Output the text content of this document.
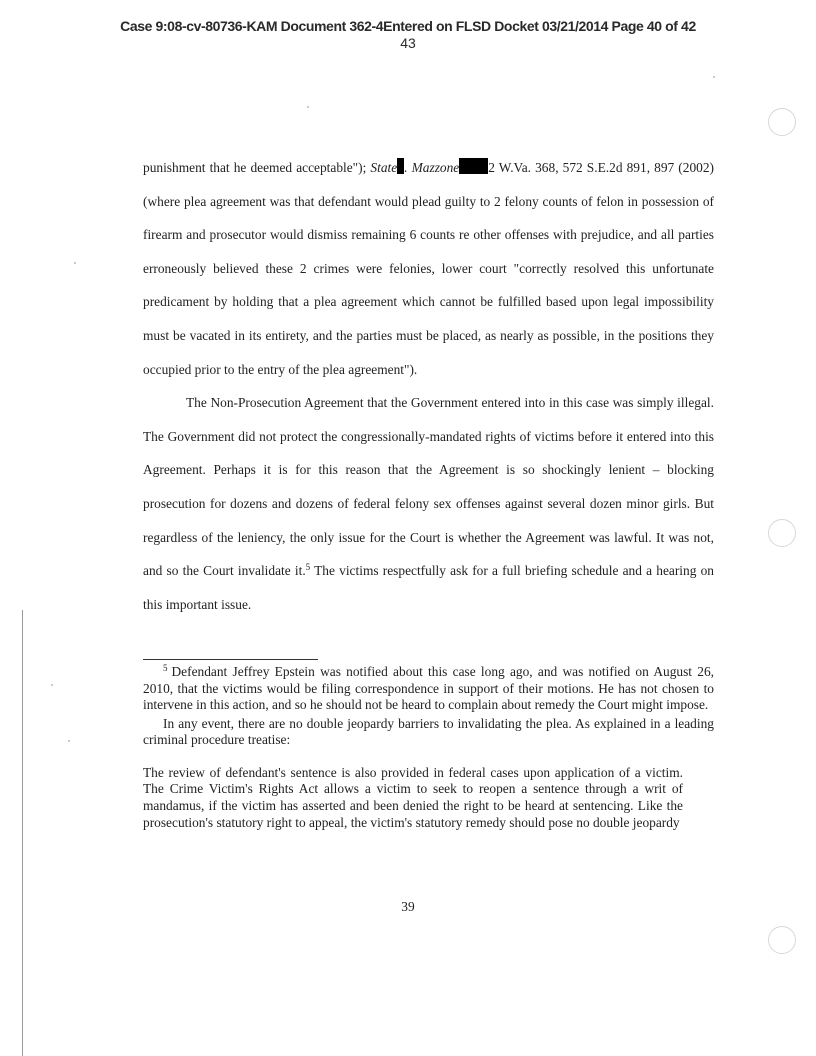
Case 9:08-cv-80736-KAM Document 362-4Entered on FLSD Docket 03/21/2014 Page 40 of 42
43

punishment that he deemed acceptable"); State . Mazzone 2 W.Va. 368, 572 S.E.2d 891, 897 (2002) (where plea agreement was that defendant would plead guilty to 2 felony counts of felon in possession of firearm and prosecutor would dismiss remaining 6 counts re other offenses with prejudice, and all parties erroneously believed these 2 crimes were felonies, lower court "correctly resolved this unfortunate predicament by holding that a plea agreement which cannot be fulfilled based upon legal impossibility must be vacated in its entirety, and the parties must be placed, as nearly as possible, in the positions they occupied prior to the entry of the plea agreement").

The Non-Prosecution Agreement that the Government entered into in this case was simply illegal. The Government did not protect the congressionally-mandated rights of victims before it entered into this Agreement. Perhaps it is for this reason that the Agreement is so shockingly lenient – blocking prosecution for dozens and dozens of federal felony sex offenses against several dozen minor girls. But regardless of the leniency, the only issue for the Court is whether the Agreement was lawful. It was not, and so the Court invalidate it.$^5$ The victims respectfully ask for a full briefing schedule and a hearing on this important issue.

$^5$ Defendant Jeffrey Epstein was notified about this case long ago, and was notified on August 26, 2010, that the victims would be filing correspondence in support of their motions. He has not chosen to intervene in this action, and so he should not be heard to complain about remedy the Court might impose.

In any event, there are no double jeopardy barriers to invalidating the plea. As explained in a leading criminal procedure treatise:

The review of defendant's sentence is also provided in federal cases upon application of a victim. The Crime Victim's Rights Act allows a victim to seek to reopen a sentence through a writ of mandamus, if the victim has asserted and been denied the right to be heard at sentencing. Like the prosecution's statutory right to appeal, the victim's statutory remedy should pose no double jeopardy

39
